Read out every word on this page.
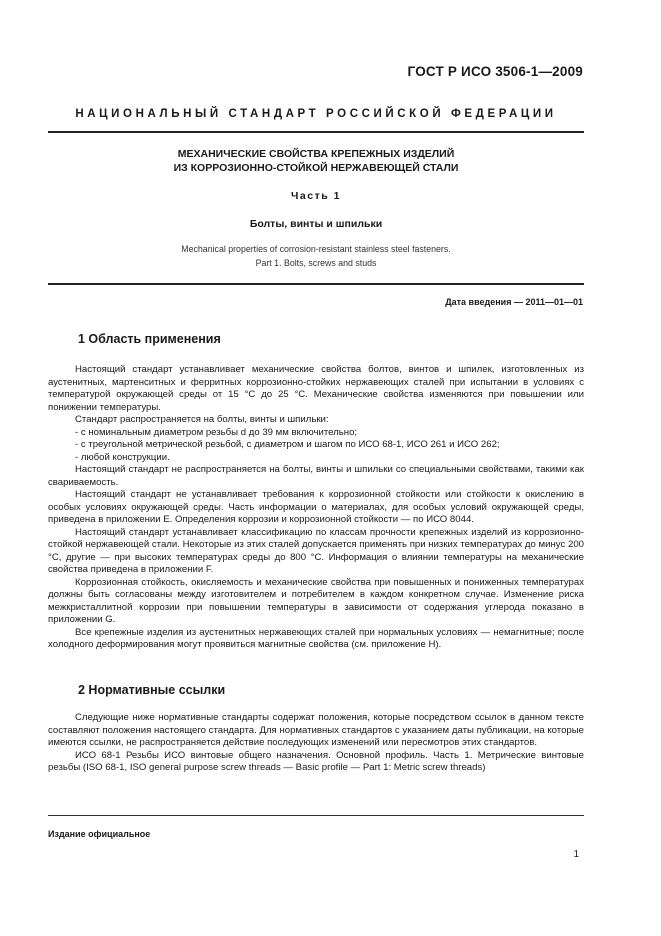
ГОСТ Р ИСО 3506-1—2009
НАЦИОНАЛЬНЫЙ СТАНДАРТ РОССИЙСКОЙ ФЕДЕРАЦИИ
МЕХАНИЧЕСКИЕ СВОЙСТВА КРЕПЕЖНЫХ ИЗДЕЛИЙ
ИЗ КОРРОЗИОННО-СТОЙКОЙ НЕРЖАВЕЮЩЕЙ СТАЛИ
Часть 1
Болты, винты и шпильки
Mechanical properties of corrosion-resistant stainless steel fasteners.
Part 1. Bolts, screws and studs
Дата введения — 2011—01—01
1 Область применения

Настоящий стандарт устанавливает механические свойства болтов, винтов и шпилек, изготовленных из аустенитных, мартенситных и ферритных коррозионно-стойких нержавеющих сталей при испытании в условиях с температурой окружающей среды от 15 °С до 25 °С. Механические свойства изменяются при повышении или понижении температуры.

Стандарт распространяется на болты, винты и шпильки:

- с номинальным диаметром резьбы d до 39 мм включительно;

- с треугольной метрической резьбой, с диаметром и шагом по ИСО 68-1, ИСО 261 и ИСО 262;

- любой конструкции.

Настоящий стандарт не распространяется на болты, винты и шпильки со специальными свойствами, такими как свариваемость.

Настоящий стандарт не устанавливает требования к коррозионной стойкости или стойкости к окислению в особых условиях окружающей среды. Часть информации о материалах, для особых условий окружающей среды, приведена в приложении Е. Определения коррозии и коррозионной стойкости — по ИСО 8044.

Настоящий стандарт устанавливает классификацию по классам прочности крепежных изделий из коррозионно-стойкой нержавеющей стали. Некоторые из этих сталей допускается применять при низких температурах до минус 200 °С, другие — при высоких температурах среды до 800 °С. Информация о влиянии температуры на механические свойства приведена в приложении F.

Коррозионная стойкость, окисляемость и механические свойства при повышенных и пониженных температурах должны быть согласованы между изготовителем и потребителем в каждом конкретном случае. Изменение риска межкристаллитной коррозии при повышении температуры в зависимости от содержания углерода показано в приложении G.

Все крепежные изделия из аустенитных нержавеющих сталей при нормальных условиях — немагнитные; после холодного деформирования могут проявиться магнитные свойства (см. приложение Н).

2 Нормативные ссылки

Следующие ниже нормативные стандарты содержат положения, которые посредством ссылок в данном тексте составляют положения настоящего стандарта. Для нормативных стандартов с указанием даты публикации, на которые имеются ссылки, не распространяется действие последующих изменений или пересмотров этих стандартов.

ИСО 68-1 Резьбы ИСО винтовые общего назначения. Основной профиль. Часть 1. Метрические винтовые резьбы (ISO 68-1, ISO general purpose screw threads — Basic profile — Part 1: Metric screw threads)

Издание официальное
1
